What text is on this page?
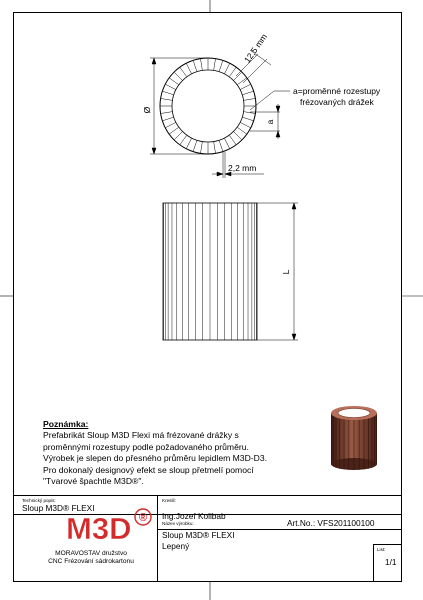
Ø
12,5 mm
a
a=proměnné rozestupy
frézovaných drážek
2,2 mm
L
Poznámka:
Prefabrikát Sloup M3D Flexi má frézované drážky s
proměnnými rozestupy podle požadovaného průměru.
Výrobek je slepen do přesného průměru lepidlem M3D-D3.
Pro dokonalý designový efekt se sloup přetmelí pomocí
"Tvarové špachtle M3D®".
Technický popis:
Sloup M3D® FLEXI
Kreslil:
Ing.Jozef Kolibab
Název výrobku:
Sloup M3D® FLEXI
Lepený
Art.No.: VFS201100100
List:
1/1
M3D ®
MORAVOSTAV družstvo
CNC Frézování sádrokartonu
